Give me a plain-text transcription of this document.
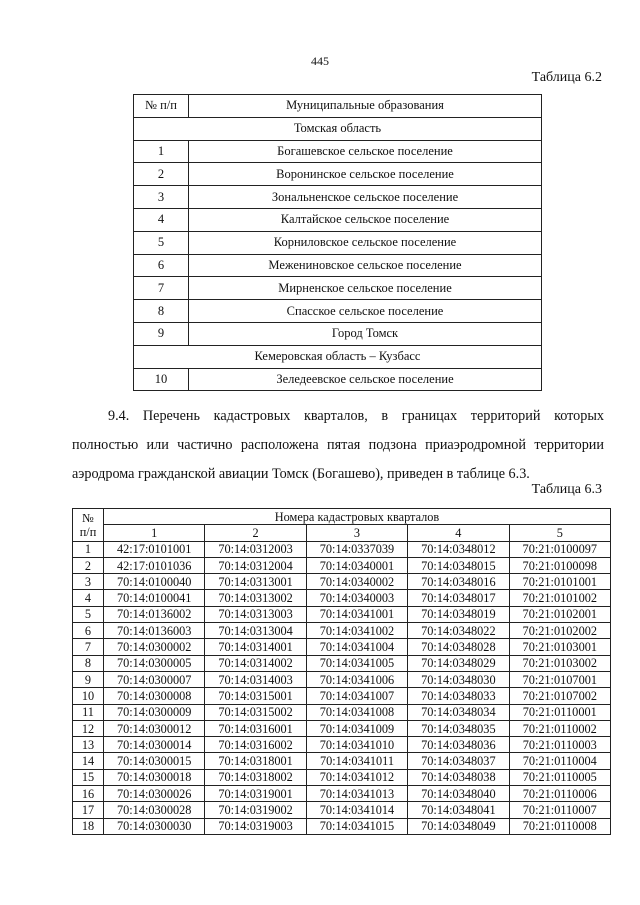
445
Таблица 6.2
№ п/п	Муниципальные образования
Томская область	
1	Богашевское сельское поселение
2	Воронинское сельское поселение
3	Зональненское сельское поселение
4	Калтайское сельское поселение
5	Корниловское сельское поселение
6	Межениновское сельское поселение
7	Мирненское сельское поселение
8	Спасское сельское поселение
9	Город Томск
Кемеровская область – Кузбасс	
10	Зеледеевское сельское поселение
9.4. Перечень кадастровых кварталов, в границах территорий которых
полностью или частично расположена пятая подзона приаэродромной территории
аэродрома гражданской авиации Томск (Богашево), приведен в таблице 6.3.
Таблица 6.3
№
п/п	Номера кадастровых кварталов				
	1	2	3	4	5
1	42:17:0101001	70:14:0312003	70:14:0337039	70:14:0348012	70:21:0100097
2	42:17:0101036	70:14:0312004	70:14:0340001	70:14:0348015	70:21:0100098
3	70:14:0100040	70:14:0313001	70:14:0340002	70:14:0348016	70:21:0101001
4	70:14:0100041	70:14:0313002	70:14:0340003	70:14:0348017	70:21:0101002
5	70:14:0136002	70:14:0313003	70:14:0341001	70:14:0348019	70:21:0102001
6	70:14:0136003	70:14:0313004	70:14:0341002	70:14:0348022	70:21:0102002
7	70:14:0300002	70:14:0314001	70:14:0341004	70:14:0348028	70:21:0103001
8	70:14:0300005	70:14:0314002	70:14:0341005	70:14:0348029	70:21:0103002
9	70:14:0300007	70:14:0314003	70:14:0341006	70:14:0348030	70:21:0107001
10	70:14:0300008	70:14:0315001	70:14:0341007	70:14:0348033	70:21:0107002
11	70:14:0300009	70:14:0315002	70:14:0341008	70:14:0348034	70:21:0110001
12	70:14:0300012	70:14:0316001	70:14:0341009	70:14:0348035	70:21:0110002
13	70:14:0300014	70:14:0316002	70:14:0341010	70:14:0348036	70:21:0110003
14	70:14:0300015	70:14:0318001	70:14:0341011	70:14:0348037	70:21:0110004
15	70:14:0300018	70:14:0318002	70:14:0341012	70:14:0348038	70:21:0110005
16	70:14:0300026	70:14:0319001	70:14:0341013	70:14:0348040	70:21:0110006
17	70:14:0300028	70:14:0319002	70:14:0341014	70:14:0348041	70:21:0110007
18	70:14:0300030	70:14:0319003	70:14:0341015	70:14:0348049	70:21:0110008
